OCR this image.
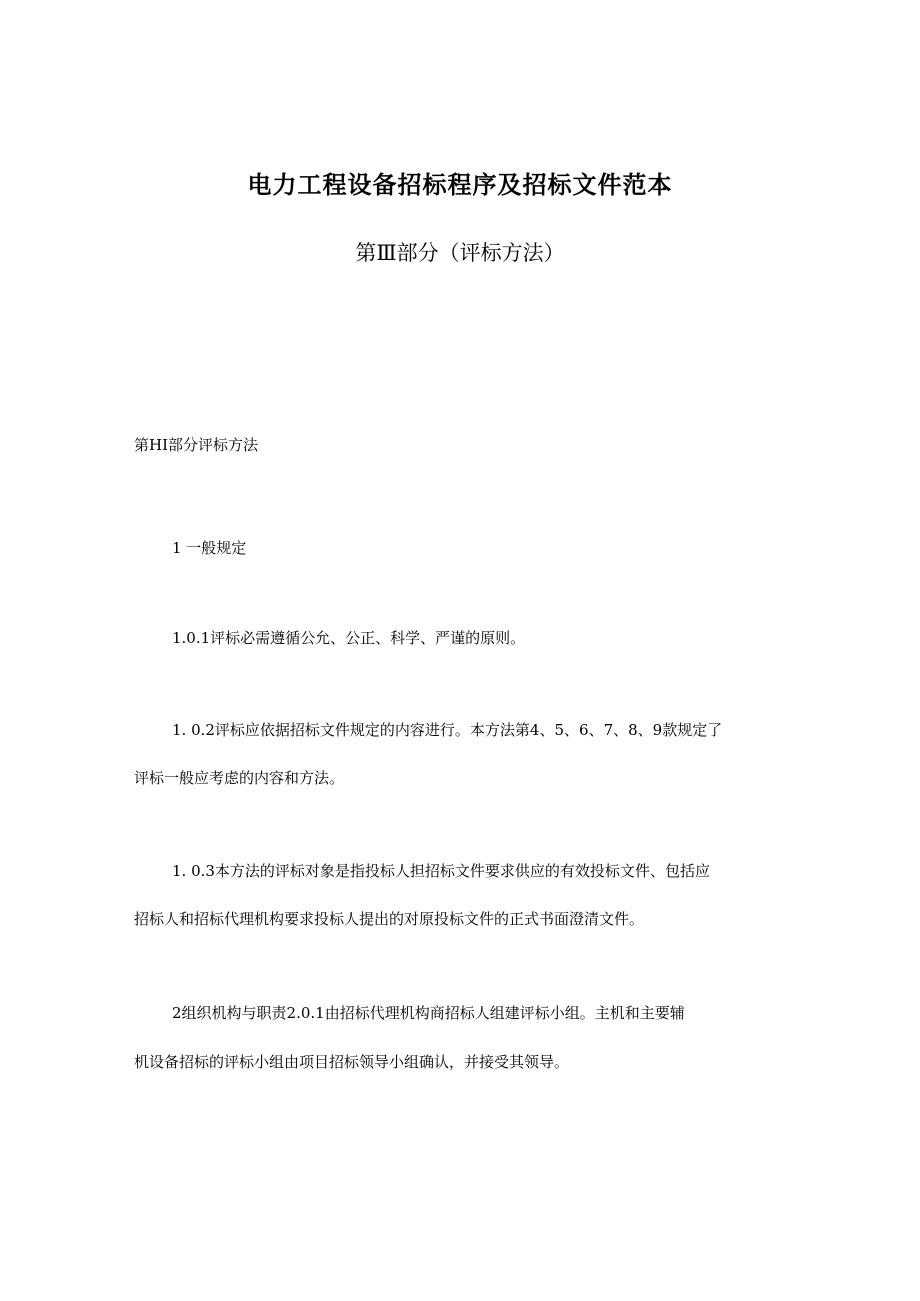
电力工程设备招标程序及招标文件范本
第Ⅲ部分（评标方法）
第HI部分评标方法
1 一般规定
1.0.1评标必需遵循公允、公正、科学、严谨的原则。
1. 0.2评标应依据招标文件规定的内容进行。本方法第4、5、6、7、8、9款规定了
评标一般应考虑的内容和方法。
1. 0.3本方法的评标对象是指投标人担招标文件要求供应的有效投标文件、包括应
招标人和招标代理机构要求投标人提出的对原投标文件的正式书面澄清文件。
2组织机构与职责2.0.1由招标代理机构商招标人组建评标小组。主机和主要辅
机设备招标的评标小组由项目招标领导小组确认，并接受其领导。
